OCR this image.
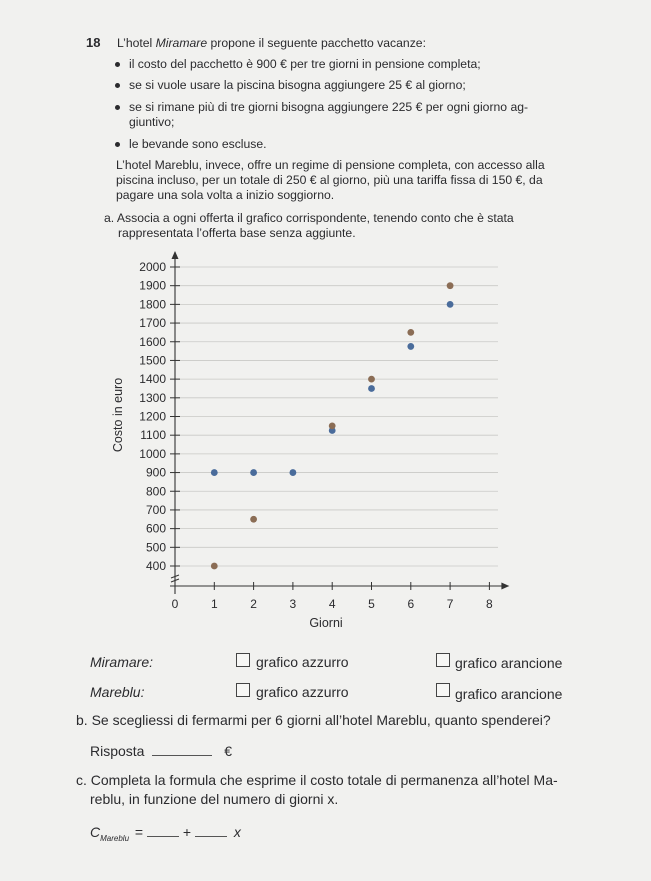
18 L’hotel Miramare propone il seguente pacchetto vacanze:
il costo del pacchetto è 900 € per tre giorni in pensione completa;
se si vuole usare la piscina bisogna aggiungere 25 € al giorno;
se si rimane più di tre giorni bisogna aggiungere 225 € per ogni giorno ag-
giuntivo;
le bevande sono escluse.
L’hotel Mareblu, invece, offre un regime di pensione completa, con accesso alla
piscina incluso, per un totale di 250 € al giorno, più una tariffa fissa di 150 €, da
pagare una sola volta a inizio soggiorno.
a. Associa a ogni offerta il grafico corrispondente, tenendo conto che è stata
rappresentata l’offerta base senza aggiunte.
400
500
600
700
800
900
1000
1100
1200
1300
1400
1500
1600
1700
1800
1900
2000
0	1	2	3	4	5	6	7	8
Costo in euro
Giorni
Miramare:	grafico azzurro	grafico arancione
Mareblu:	grafico azzurro	grafico arancione
b. Se scegliessi di fermarmi per 6 giorni all’hotel Mareblu, quanto spenderei?
Risposta	€
c. Completa la formula che esprime il costo totale di permanenza all’hotel Ma-
reblu, in funzione del numero di giorni x.
$C_{Mareblu}$ =	+	x
